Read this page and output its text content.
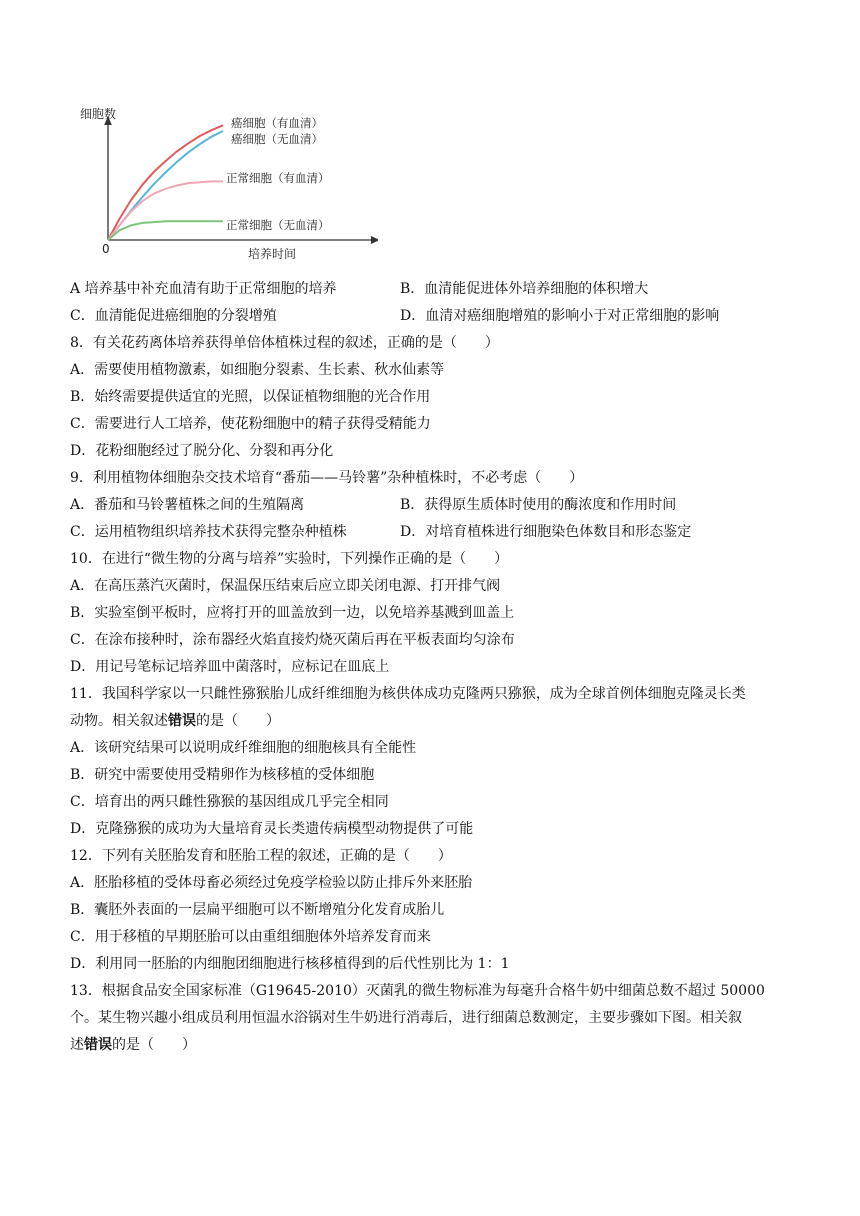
细胞数
培养时间
0
癌细胞（有血清）
癌细胞（无血清）
正常细胞（有血清）
正常细胞（无血清）
A 培养基中补充血清有助于正常细胞的培养	B．血清能促进体外培养细胞的体积增大
C．血清能促进癌细胞的分裂增殖	D．血清对癌细胞增殖的影响小于对正常细胞的影响
8．有关花药离体培养获得单倍体植株过程的叙述，正确的是（　　）
A．需要使用植物激素，如细胞分裂素、生长素、秋水仙素等
B．始终需要提供适宜的光照，以保证植物细胞的光合作用
C．需要进行人工培养，使花粉细胞中的精子获得受精能力
D．花粉细胞经过了脱分化、分裂和再分化
9．利用植物体细胞杂交技术培育“番茄——马铃薯”杂种植株时，不必考虑（　　）
A．番茄和马铃薯植株之间的生殖隔离	B．获得原生质体时使用的酶浓度和作用时间
C．运用植物组织培养技术获得完整杂种植株	D．对培育植株进行细胞染色体数目和形态鉴定
10．在进行“微生物的分离与培养”实验时，下列操作正确的是（　　）
A．在高压蒸汽灭菌时，保温保压结束后应立即关闭电源、打开排气阀
B．实验室倒平板时，应将打开的皿盖放到一边，以免培养基溅到皿盖上
C．在涂布接种时，涂布器经火焰直接灼烧灭菌后再在平板表面均匀涂布
D．用记号笔标记培养皿中菌落时，应标记在皿底上
11．我国科学家以一只雌性猕猴胎儿成纤维细胞为核供体成功克隆两只猕猴，成为全球首例体细胞克隆灵长类
动物。相关叙述错误的是（　　）
A．该研究结果可以说明成纤维细胞的细胞核具有全能性
B．研究中需要使用受精卵作为核移植的受体细胞
C．培育出的两只雌性猕猴的基因组成几乎完全相同
D．克隆猕猴的成功为大量培育灵长类遗传病模型动物提供了可能
12．下列有关胚胎发育和胚胎工程的叙述，正确的是（　　）
A．胚胎移植的受体母畜必须经过免疫学检验以防止排斥外来胚胎
B．囊胚外表面的一层扁平细胞可以不断增殖分化发育成胎儿
C．用于移植的早期胚胎可以由重组细胞体外培养发育而来
D．利用同一胚胎的内细胞团细胞进行核移植得到的后代性别比为 1：1
13．根据食品安全国家标准（G19645-2010）灭菌乳的微生物标准为每毫升合格牛奶中细菌总数不超过 50000
个。某生物兴趣小组成员利用恒温水浴锅对生牛奶进行消毒后，进行细菌总数测定，主要步骤如下图。相关叙
述错误的是（　　）
